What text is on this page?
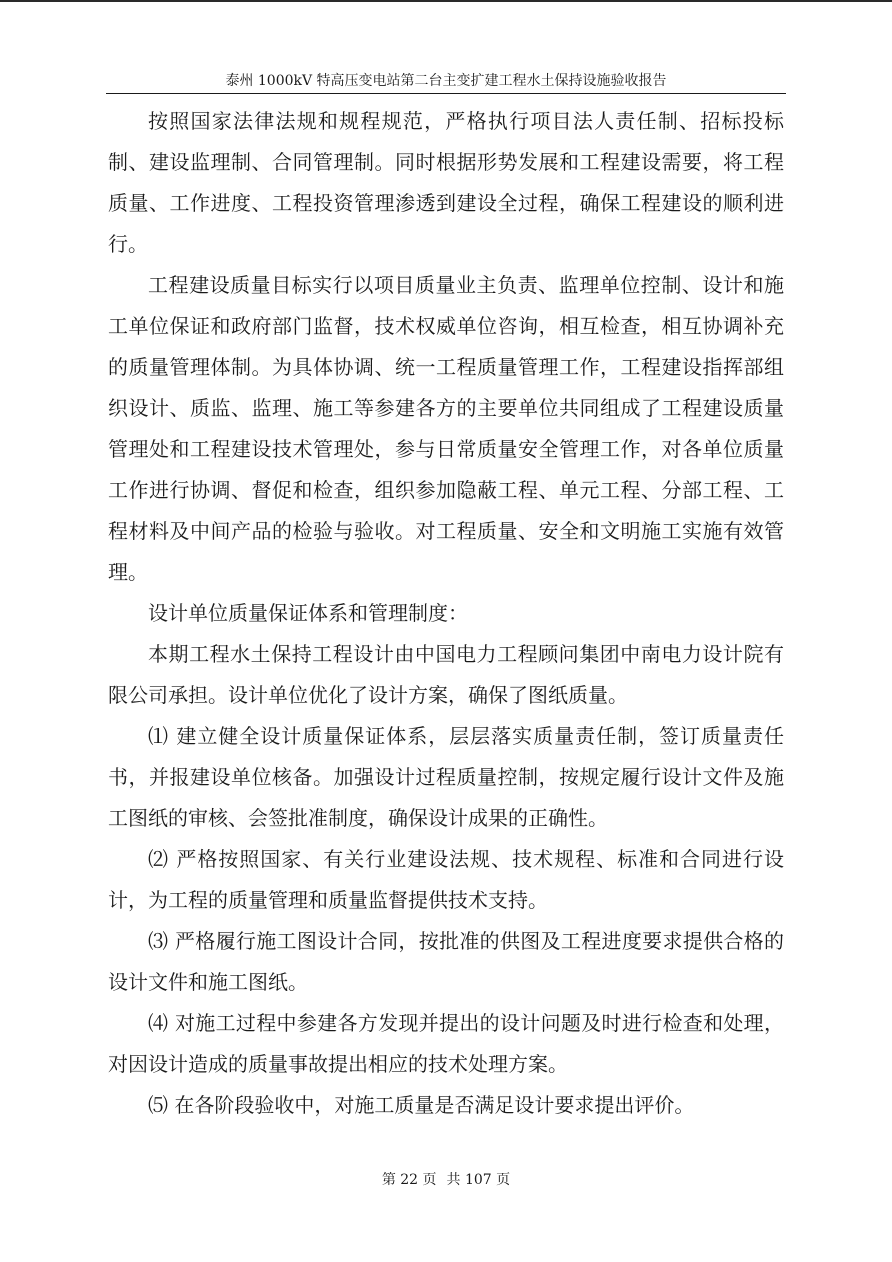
泰州 1000kV 特高压变电站第二台主变扩建工程水土保持设施验收报告

按照国家法律法规和规程规范，严格执行项目法人责任制、招标投标制、建设监理制、合同管理制。同时根据形势发展和工程建设需要，将工程质量、工作进度、工程投资管理渗透到建设全过程，确保工程建设的顺利进行。

工程建设质量目标实行以项目质量业主负责、监理单位控制、设计和施工单位保证和政府部门监督，技术权威单位咨询，相互检查，相互协调补充的质量管理体制。为具体协调、统一工程质量管理工作，工程建设指挥部组织设计、质监、监理、施工等参建各方的主要单位共同组成了工程建设质量管理处和工程建设技术管理处，参与日常质量安全管理工作，对各单位质量工作进行协调、督促和检查，组织参加隐蔽工程、单元工程、分部工程、工程材料及中间产品的检验与验收。对工程质量、安全和文明施工实施有效管理。

设计单位质量保证体系和管理制度：

本期工程水土保持工程设计由中国电力工程顾问集团中南电力设计院有限公司承担。设计单位优化了设计方案，确保了图纸质量。

⑴ 建立健全设计质量保证体系，层层落实质量责任制，签订质量责任书，并报建设单位核备。加强设计过程质量控制，按规定履行设计文件及施工图纸的审核、会签批准制度，确保设计成果的正确性。

⑵ 严格按照国家、有关行业建设法规、技术规程、标准和合同进行设计，为工程的质量管理和质量监督提供技术支持。

⑶ 严格履行施工图设计合同，按批准的供图及工程进度要求提供合格的设计文件和施工图纸。

⑷ 对施工过程中参建各方发现并提出的设计问题及时进行检查和处理，对因设计造成的质量事故提出相应的技术处理方案。

⑸ 在各阶段验收中，对施工质量是否满足设计要求提出评价。

第 22 页 共 107 页
